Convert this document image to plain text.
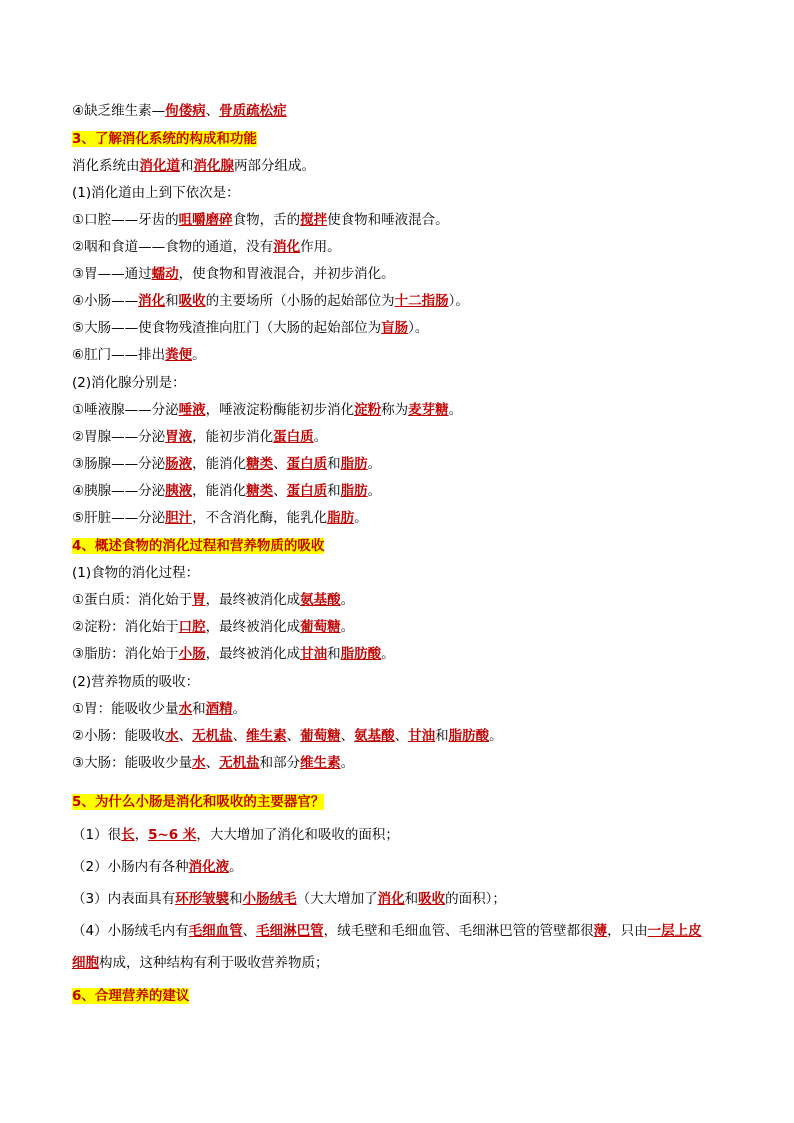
④缺乏维生素—佝偻病、骨质疏松症
3、了解消化系统的构成和功能
消化系统由消化道和消化腺两部分组成。
(1)消化道由上到下依次是：
①口腔——牙齿的咀嚼磨碎食物，舌的搅拌使食物和唾液混合。
②咽和食道——食物的通道，没有消化作用。
③胃——通过蠕动，使食物和胃液混合，并初步消化。
④小肠——消化和吸收的主要场所（小肠的起始部位为十二指肠）。
⑤大肠——使食物残渣推向肛门（大肠的起始部位为盲肠）。
⑥肛门——排出粪便。
(2)消化腺分别是：
①唾液腺——分泌唾液，唾液淀粉酶能初步消化淀粉称为麦芽糖。
②胃腺——分泌胃液，能初步消化蛋白质。
③肠腺——分泌肠液，能消化糖类、蛋白质和脂肪。
④胰腺——分泌胰液，能消化糖类、蛋白质和脂肪。
⑤肝脏——分泌胆汁，不含消化酶，能乳化脂肪。
4、概述食物的消化过程和营养物质的吸收
(1)食物的消化过程：
①蛋白质：消化始于胃，最终被消化成氨基酸。
②淀粉：消化始于口腔，最终被消化成葡萄糖。
③脂肪：消化始于小肠，最终被消化成甘油和脂肪酸。
(2)营养物质的吸收：
①胃：能吸收少量水和酒精。
②小肠：能吸收水、无机盐、维生素、葡萄糖、氨基酸、甘油和脂肪酸。
③大肠：能吸收少量水、无机盐和部分维生素。
5、为什么小肠是消化和吸收的主要器官？
（1）很长，5~6 米，大大增加了消化和吸收的面积；
（2）小肠内有各种消化液。
（3）内表面具有环形皱襞和小肠绒毛（大大增加了消化和吸收的面积）；
（4）小肠绒毛内有毛细血管、毛细淋巴管，绒毛壁和毛细血管、毛细淋巴管的管壁都很薄，只由一层上皮
细胞构成，这种结构有利于吸收营养物质；
6、合理营养的建议
